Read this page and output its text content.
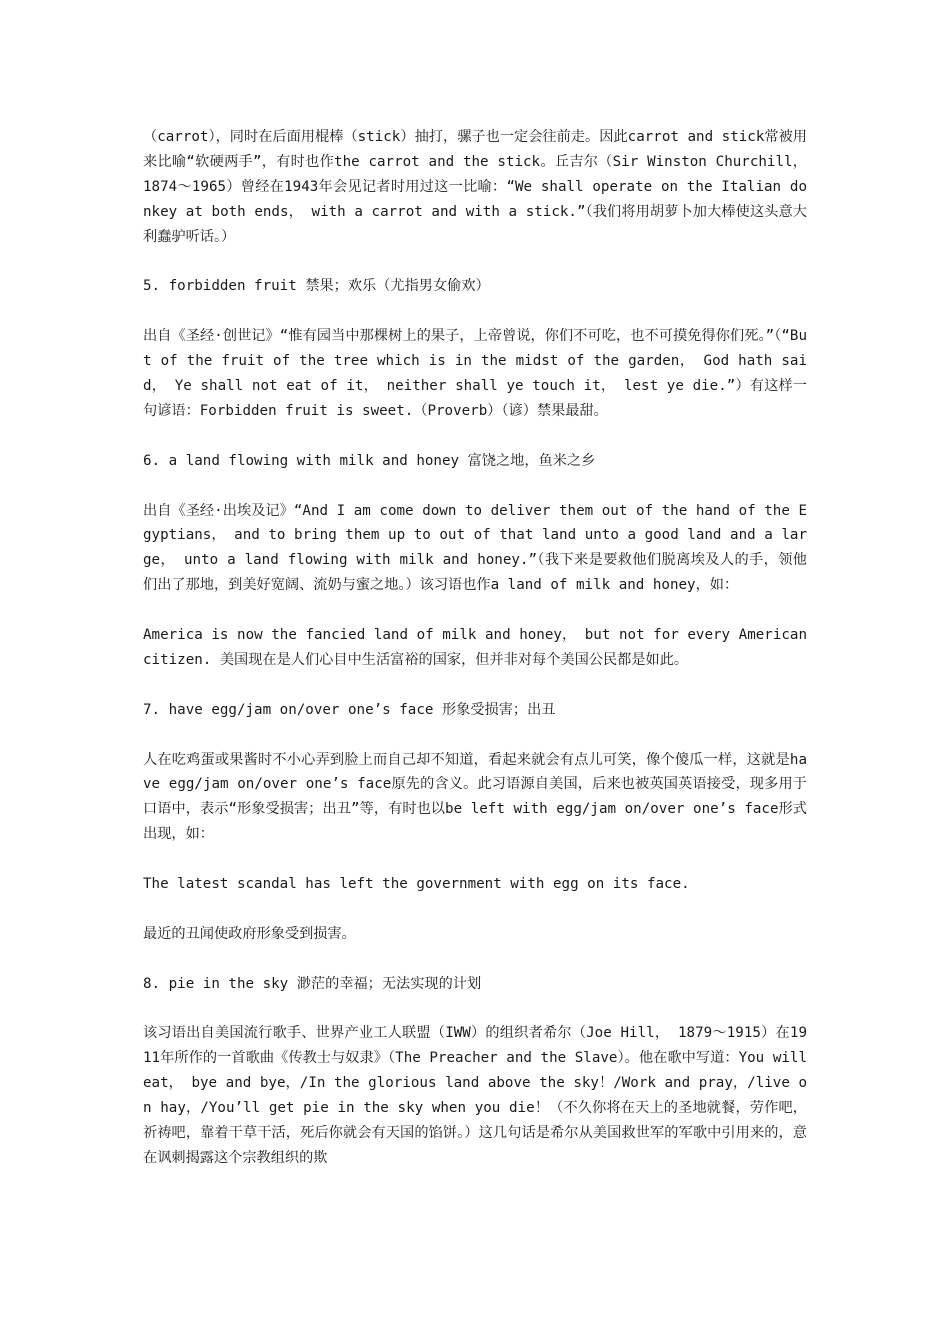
（carrot），同时在后面用棍棒（stick）抽打，骡子也一定会往前走。因此carrot and stick常被用来比喻“软硬两手”，有时也作the carrot and the stick。丘吉尔（Sir Winston Churchill，1874～1965）曾经在1943年会见记者时用过这一比喻：“We shall operate on the Italian donkey at both ends， with a carrot and with a stick.”（我们将用胡萝卜加大棒使这头意大利蠢驴听话。）

5. forbidden fruit 禁果；欢乐（尤指男女偷欢）

出自《圣经·创世记》“惟有园当中那棵树上的果子，上帝曾说，你们不可吃，也不可摸免得你们死。”（“But of the fruit of the tree which is in the midst of the garden， God hath said， Ye shall not eat of it， neither shall ye touch it， lest ye die.”）有这样一句谚语：Forbidden fruit is sweet.（Proverb）（谚）禁果最甜。

6. a land flowing with milk and honey 富饶之地，鱼米之乡

出自《圣经·出埃及记》“And I am come down to deliver them out of the hand of the Egyptians， and to bring them up to out of that land unto a good land and a large， unto a land flowing with milk and honey.”（我下来是要救他们脱离埃及人的手，领他们出了那地，到美好宽阔、流奶与蜜之地。）该习语也作a land of milk and honey，如：

America is now the fancied land of milk and honey， but not for every American citizen. 美国现在是人们心目中生活富裕的国家，但并非对每个美国公民都是如此。

7. have egg/jam on/over one’s face 形象受损害；出丑

人在吃鸡蛋或果酱时不小心弄到脸上而自己却不知道，看起来就会有点儿可笑，像个傻瓜一样，这就是have egg/jam on/over one’s face原先的含义。此习语源自美国，后来也被英国英语接受，现多用于口语中，表示“形象受损害；出丑”等，有时也以be left with egg/jam on/over one’s face形式出现，如：

The latest scandal has left the government with egg on its face.

最近的丑闻使政府形象受到损害。

8. pie in the sky 渺茫的幸福；无法实现的计划

该习语出自美国流行歌手、世界产业工人联盟（IWW）的组织者希尔（Joe Hill， 1879～1915）在1911年所作的一首歌曲《传教士与奴隶》（The Preacher and the Slave）。他在歌中写道：You will eat， bye and bye，/In the glorious land above the sky！/Work and pray，/live on hay，/You’ll get pie in the sky when you die！（不久你将在天上的圣地就餐，劳作吧，祈祷吧，靠着干草干活，死后你就会有天国的馅饼。）这几句话是希尔从美国救世军的军歌中引用来的，意在讽刺揭露这个宗教组织的欺
